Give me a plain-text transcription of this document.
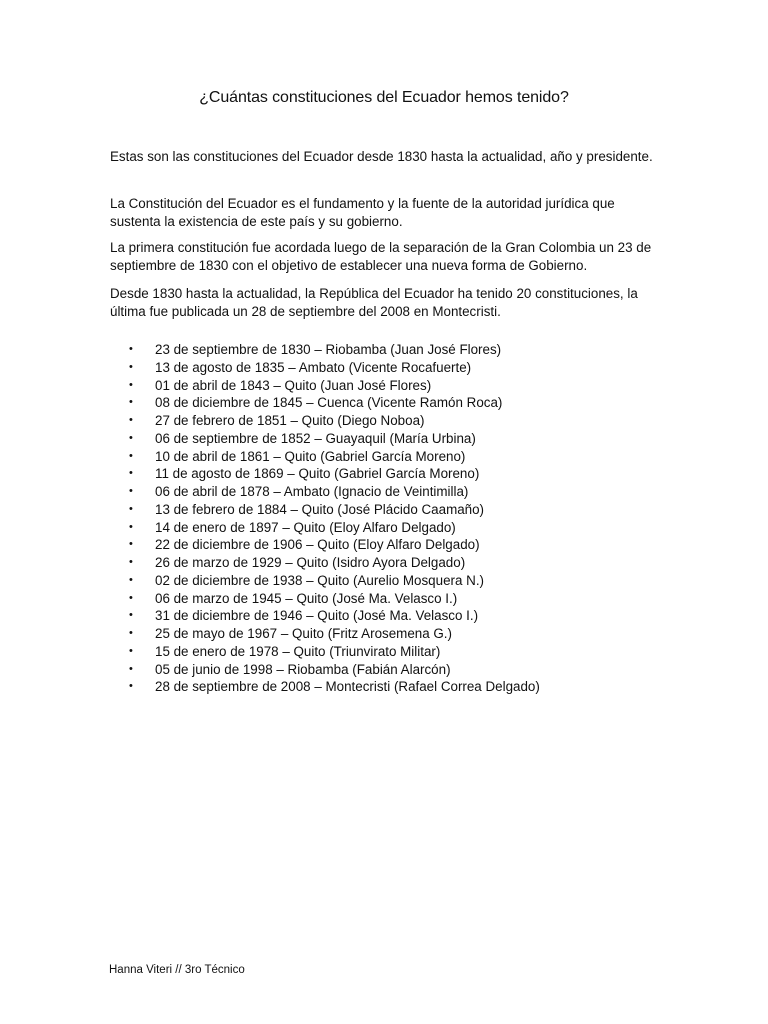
¿Cuántas constituciones del Ecuador hemos tenido?

Estas son las constituciones del Ecuador desde 1830 hasta la actualidad, año y presidente.

La Constitución del Ecuador es el fundamento y la fuente de la autoridad jurídica que sustenta la existencia de este país y su gobierno.

La primera constitución fue acordada luego de la separación de la Gran Colombia un 23 de septiembre de 1830 con el objetivo de establecer una nueva forma de Gobierno.

Desde 1830 hasta la actualidad, la República del Ecuador ha tenido 20 constituciones, la última fue publicada un 28 de septiembre del 2008 en Montecristi.

• 23 de septiembre de 1830 – Riobamba (Juan José Flores)
• 13 de agosto de 1835 – Ambato (Vicente Rocafuerte)
• 01 de abril de 1843 – Quito (Juan José Flores)
• 08 de diciembre de 1845 – Cuenca (Vicente Ramón Roca)
• 27 de febrero de 1851 – Quito (Diego Noboa)
• 06 de septiembre de 1852 – Guayaquil (María Urbina)
• 10 de abril de 1861 – Quito (Gabriel García Moreno)
• 11 de agosto de 1869 – Quito (Gabriel García Moreno)
• 06 de abril de 1878 – Ambato (Ignacio de Veintimilla)
• 13 de febrero de 1884 – Quito (José Plácido Caamaño)
• 14 de enero de 1897 – Quito (Eloy Alfaro Delgado)
• 22 de diciembre de 1906 – Quito (Eloy Alfaro Delgado)
• 26 de marzo de 1929 – Quito (Isidro Ayora Delgado)
• 02 de diciembre de 1938 – Quito (Aurelio Mosquera N.)
• 06 de marzo de 1945 – Quito (José Ma. Velasco I.)
• 31 de diciembre de 1946 – Quito (José Ma. Velasco I.)
• 25 de mayo de 1967 – Quito (Fritz Arosemena G.)
• 15 de enero de 1978 – Quito (Triunvirato Militar)
• 05 de junio de 1998 – Riobamba (Fabián Alarcón)
• 28 de septiembre de 2008 – Montecristi (Rafael Correa Delgado)
Hanna Viteri // 3ro Técnico
